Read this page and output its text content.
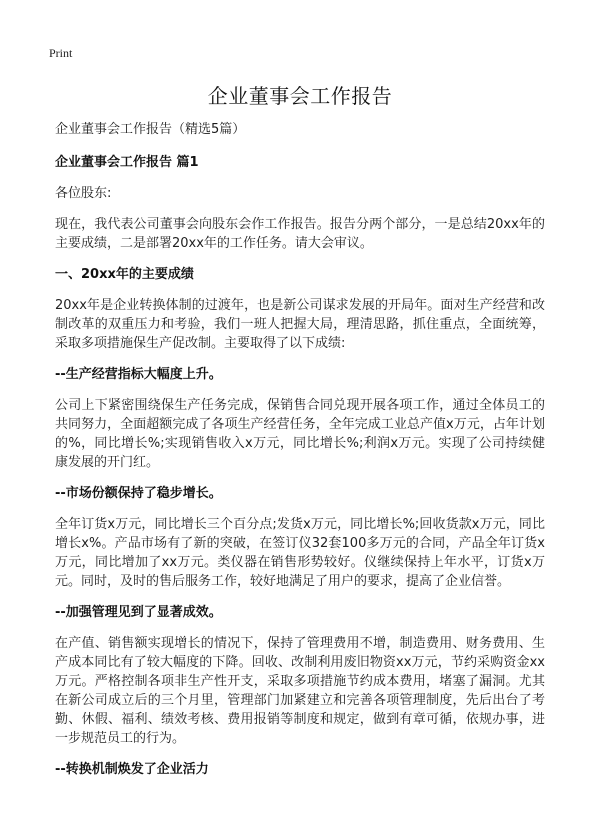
Print
企业董事会工作报告

企业董事会工作报告（精选5篇）

企业董事会工作报告 篇1

各位股东:

现在，我代表公司董事会向股东会作工作报告。报告分两个部分，一是总结20xx年的主要成绩，二是部署20xx年的工作任务。请大会审议。

一、20xx年的主要成绩

20xx年是企业转换体制的过渡年，也是新公司谋求发展的开局年。面对生产经营和改制改革的双重压力和考验，我们一班人把握大局，理清思路，抓住重点，全面统筹，采取多项措施保生产促改制。主要取得了以下成绩:

--生产经营指标大幅度上升。

公司上下紧密围绕保生产任务完成，保销售合同兑现开展各项工作，通过全体员工的共同努力，全面超额完成了各项生产经营任务，全年完成工业总产值x万元，占年计划的%，同比增长%;实现销售收入x万元，同比增长%;利润x万元。实现了公司持续健康发展的开门红。

--市场份额保持了稳步增长。

全年订货x万元，同比增长三个百分点;发货x万元，同比增长%;回收货款x万元，同比增长x%。产品市场有了新的突破，在签订仪32套100多万元的合同，产品全年订货x万元，同比增加了xx万元。类仪器在销售形势较好。仪继续保持上年水平，订货x万元。同时，及时的售后服务工作，较好地满足了用户的要求，提高了企业信誉。

--加强管理见到了显著成效。

在产值、销售额实现增长的情况下，保持了管理费用不增，制造费用、财务费用、生产成本同比有了较大幅度的下降。回收、改制利用废旧物资xx万元，节约采购资金xx万元。严格控制各项非生产性开支，采取多项措施节约成本费用，堵塞了漏洞。尤其在新公司成立后的三个月里，管理部门加紧建立和完善各项管理制度，先后出台了考勤、休假、福利、绩效考核、费用报销等制度和规定，做到有章可循，依规办事，进一步规范员工的行为。

--转换机制焕发了企业活力
